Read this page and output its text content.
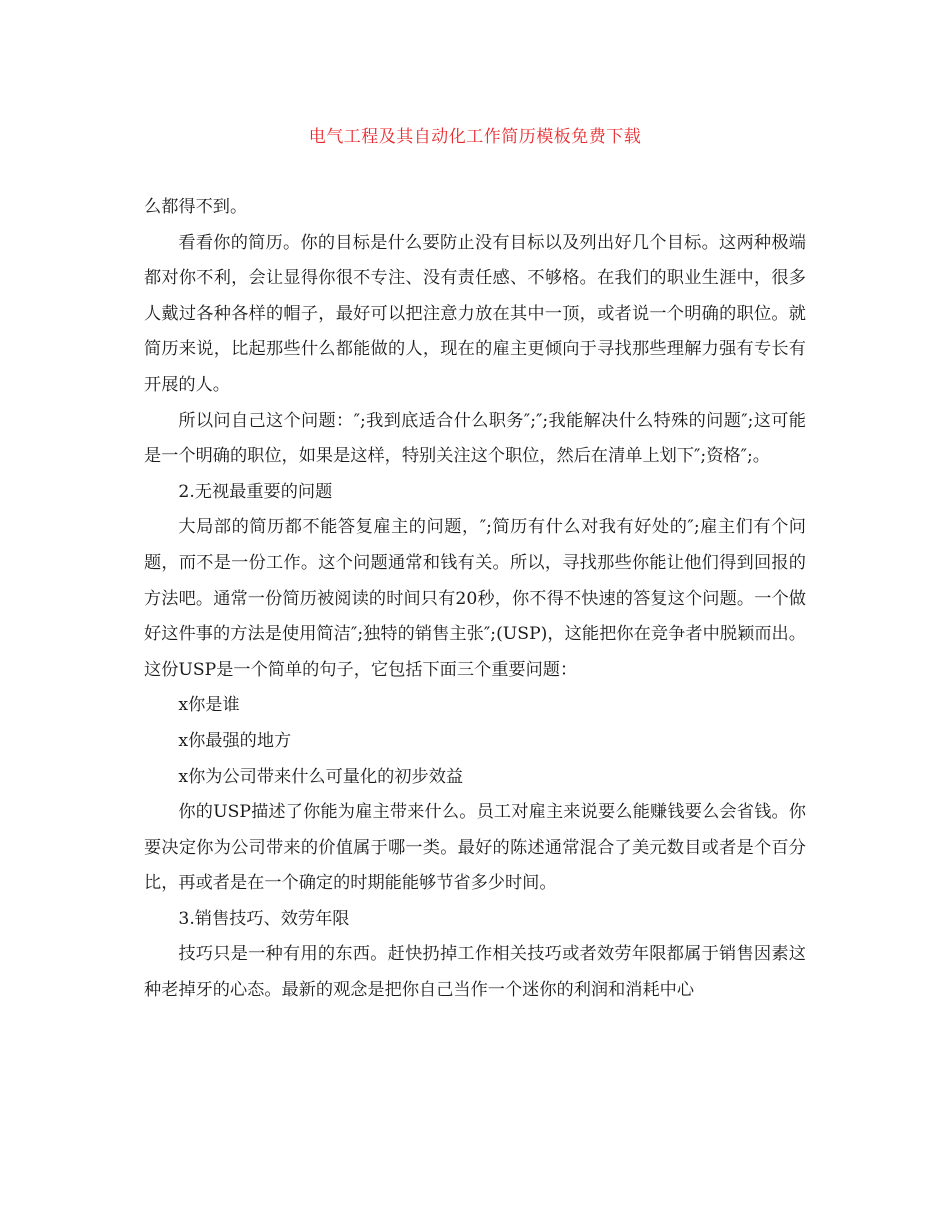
电气工程及其自动化工作简历模板免费下载

么都得不到。

看看你的简历。你的目标是什么要防止没有目标以及列出好几个目标。这两种极端都对你不利，会让显得你很不专注、没有责任感、不够格。在我们的职业生涯中，很多人戴过各种各样的帽子，最好可以把注意力放在其中一顶，或者说一个明确的职位。就简历来说，比起那些什么都能做的人，现在的雇主更倾向于寻找那些理解力强有专长有开展的人。

所以问自己这个问题：″;我到底适合什么职务″;″;我能解决什么特殊的问题″;这可能是一个明确的职位，如果是这样，特别关注这个职位，然后在清单上划下″;资格″;。

2.无视最重要的问题

大局部的简历都不能答复雇主的问题，″;简历有什么对我有好处的″;雇主们有个问题，而不是一份工作。这个问题通常和钱有关。所以，寻找那些你能让他们得到回报的方法吧。通常一份简历被阅读的时间只有20秒，你不得不快速的答复这个问题。一个做好这件事的方法是使用简洁″;独特的销售主张″;(USP)，这能把你在竞争者中脱颖而出。这份USP是一个简单的句子，它包括下面三个重要问题：

x你是谁

x你最强的地方

x你为公司带来什么可量化的初步效益

你的USP描述了你能为雇主带来什么。员工对雇主来说要么能赚钱要么会省钱。你要决定你为公司带来的价值属于哪一类。最好的陈述通常混合了美元数目或者是个百分比，再或者是在一个确定的时期能能够节省多少时间。

3.销售技巧、效劳年限

技巧只是一种有用的东西。赶快扔掉工作相关技巧或者效劳年限都属于销售因素这种老掉牙的心态。最新的观念是把你自己当作一个迷你的利润和消耗中心
